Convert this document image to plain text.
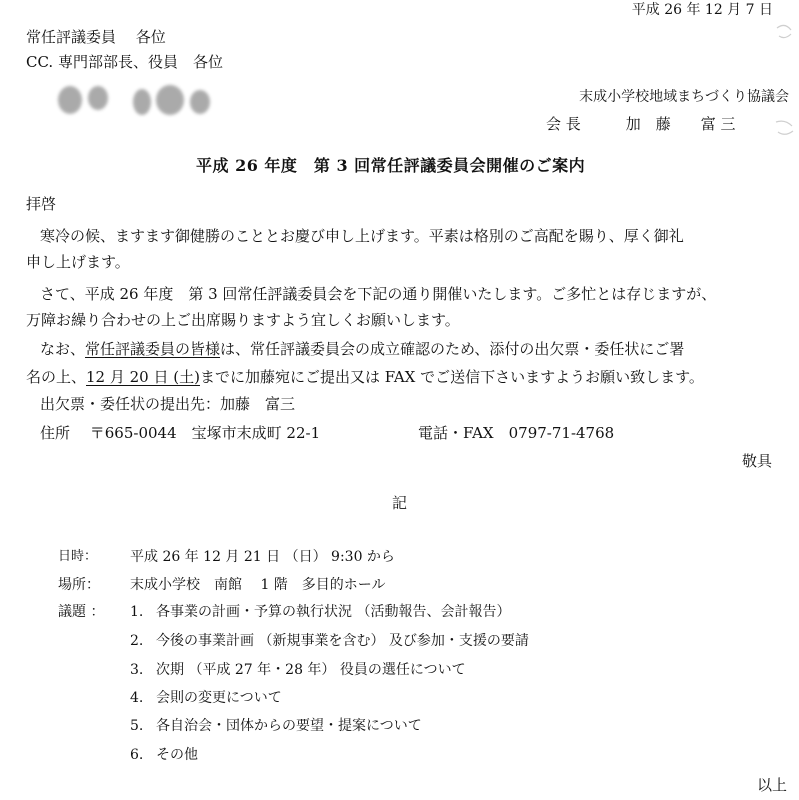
平成 26 年 12 月 7 日
常任評議委員　 各位
CC. 専門部部長、役員　各位
末成小学校地域まちづくり協議会
会 長　　　加　藤　　富 三
平成 26 年度　第 3 回常任評議委員会開催のご案内
拝啓
寒冷の候、ますます御健勝のこととお慶び申し上げます。平素は格別のご高配を賜り、厚く御礼
申し上げます。
さて、平成 26 年度　第 3 回常任評議委員会を下記の通り開催いたします。ご多忙とは存じますが、
万障お繰り合わせの上ご出席賜りますよう宜しくお願いします。
なお、常任評議委員の皆様は、常任評議委員会の成立確認のため、添付の出欠票・委任状にご署
名の上、12 月 20 日 (土)までに加藤宛にご提出又は FAX でご送信下さいますようお願い致します。
出欠票・委任状の提出先：加藤　富三
住所　 〒665-0044　宝塚市末成町 22-1	電話・FAX　0797-71-4768
敬具
記
日時： 平成 26 年 12 月 21 日 （日） 9:30 から
場所： 末成小学校　南館　 1 階　多目的ホール
議題 ： 1. 各事業の計画・予算の執行状況 （活動報告、会計報告）
2. 今後の事業計画 （新規事業を含む） 及び参加・支援の要請
3. 次期 （平成 27 年・28 年） 役員の選任について
4. 会則の変更について
5. 各自治会・団体からの要望・提案について
6. その他
以上
